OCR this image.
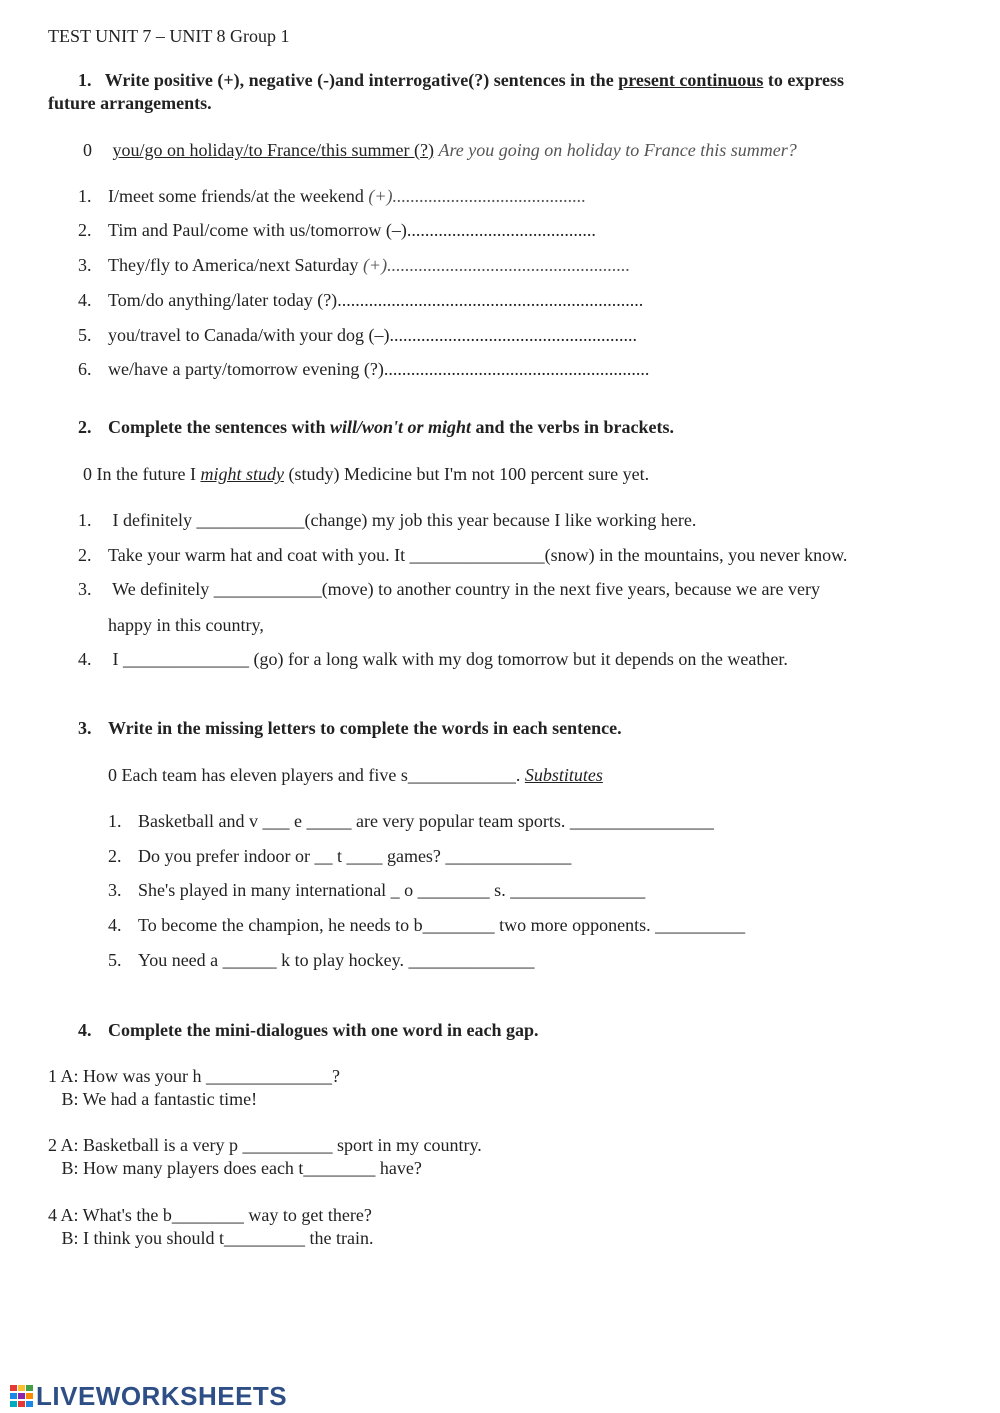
TEST UNIT 7 – UNIT 8 Group 1
1. Write positive (+), negative (-)and interrogative(?) sentences in the present continuous to express
future arrangements.
0 you/go on holiday/to France/this summer (?) Are you going on holiday to France this summer?
1. I/meet some friends/at the weekend (+)...........................................
2. Tim and Paul/come with us/tomorrow (–)..........................................
3. They/fly to America/next Saturday (+)......................................................
4. Tom/do anything/later today (?)....................................................................
5. you/travel to Canada/with your dog (–).......................................................
6. we/have a party/tomorrow evening (?)...........................................................
2. Complete the sentences with will/won't or might and the verbs in brackets.
0 In the future I might study (study) Medicine but I'm not 100 percent sure yet.
1. I definitely ____________(change) my job this year because I like working here.
2. Take your warm hat and coat with you. It _______________(snow) in the mountains, you never know.
3. We definitely ____________(move) to another country in the next five years, because we are very
happy in this country,
4. I ______________ (go) for a long walk with my dog tomorrow but it depends on the weather.
3. Write in the missing letters to complete the words in each sentence.
0 Each team has eleven players and five s____________. Substitutes
1. Basketball and v ___ e _____ are very popular team sports. ________________
2. Do you prefer indoor or __ t ____ games? ______________
3. She's played in many international _ o ________ s. _______________
4. To become the champion, he needs to b________ two more opponents. __________
5. You need a ______ k to play hockey. ______________
4. Complete the mini-dialogues with one word in each gap.
1 A: How was your h ______________?
B: We had a fantastic time!
2 A: Basketball is a very p __________ sport in my country.
B: How many players does each t________ have?
4 A: What's the b________ way to get there?
B: I think you should t_________ the train.
LIVEWORKSHEETS
